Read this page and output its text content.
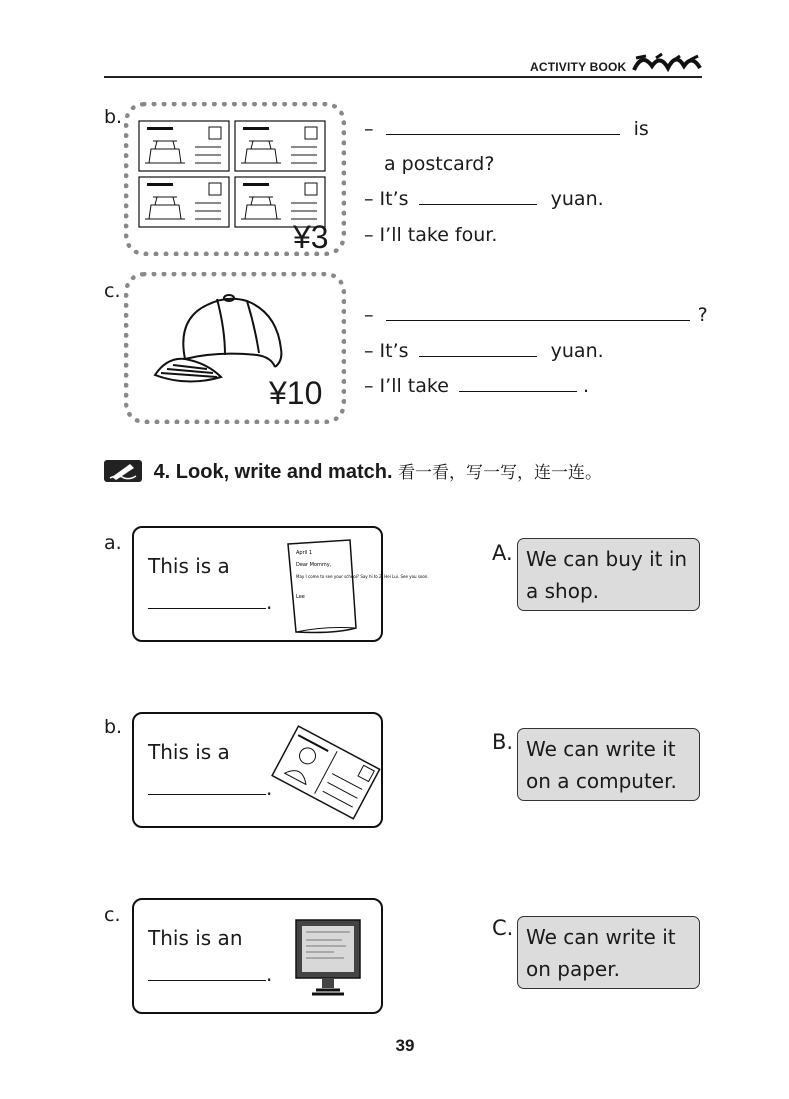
ACTIVITY BOOK
b.
¥3
–	is
a postcard?
– It’s	yuan.
– I’ll take four.
c.
¥10
–	?
– It’s	yuan.
– I’ll take	.
4. Look, write and match. 看一看，写一写，连一连。
a.
This is a
.
April 1
Dear Mommy,
May I come to see your school? Say hi to Zi Hei Lui. See you soon.
Lee
b.
This is a
.
c.
This is an
.
A. We can buy it in a shop.
B. We can write it on a computer.
C. We can write it on paper.
39
